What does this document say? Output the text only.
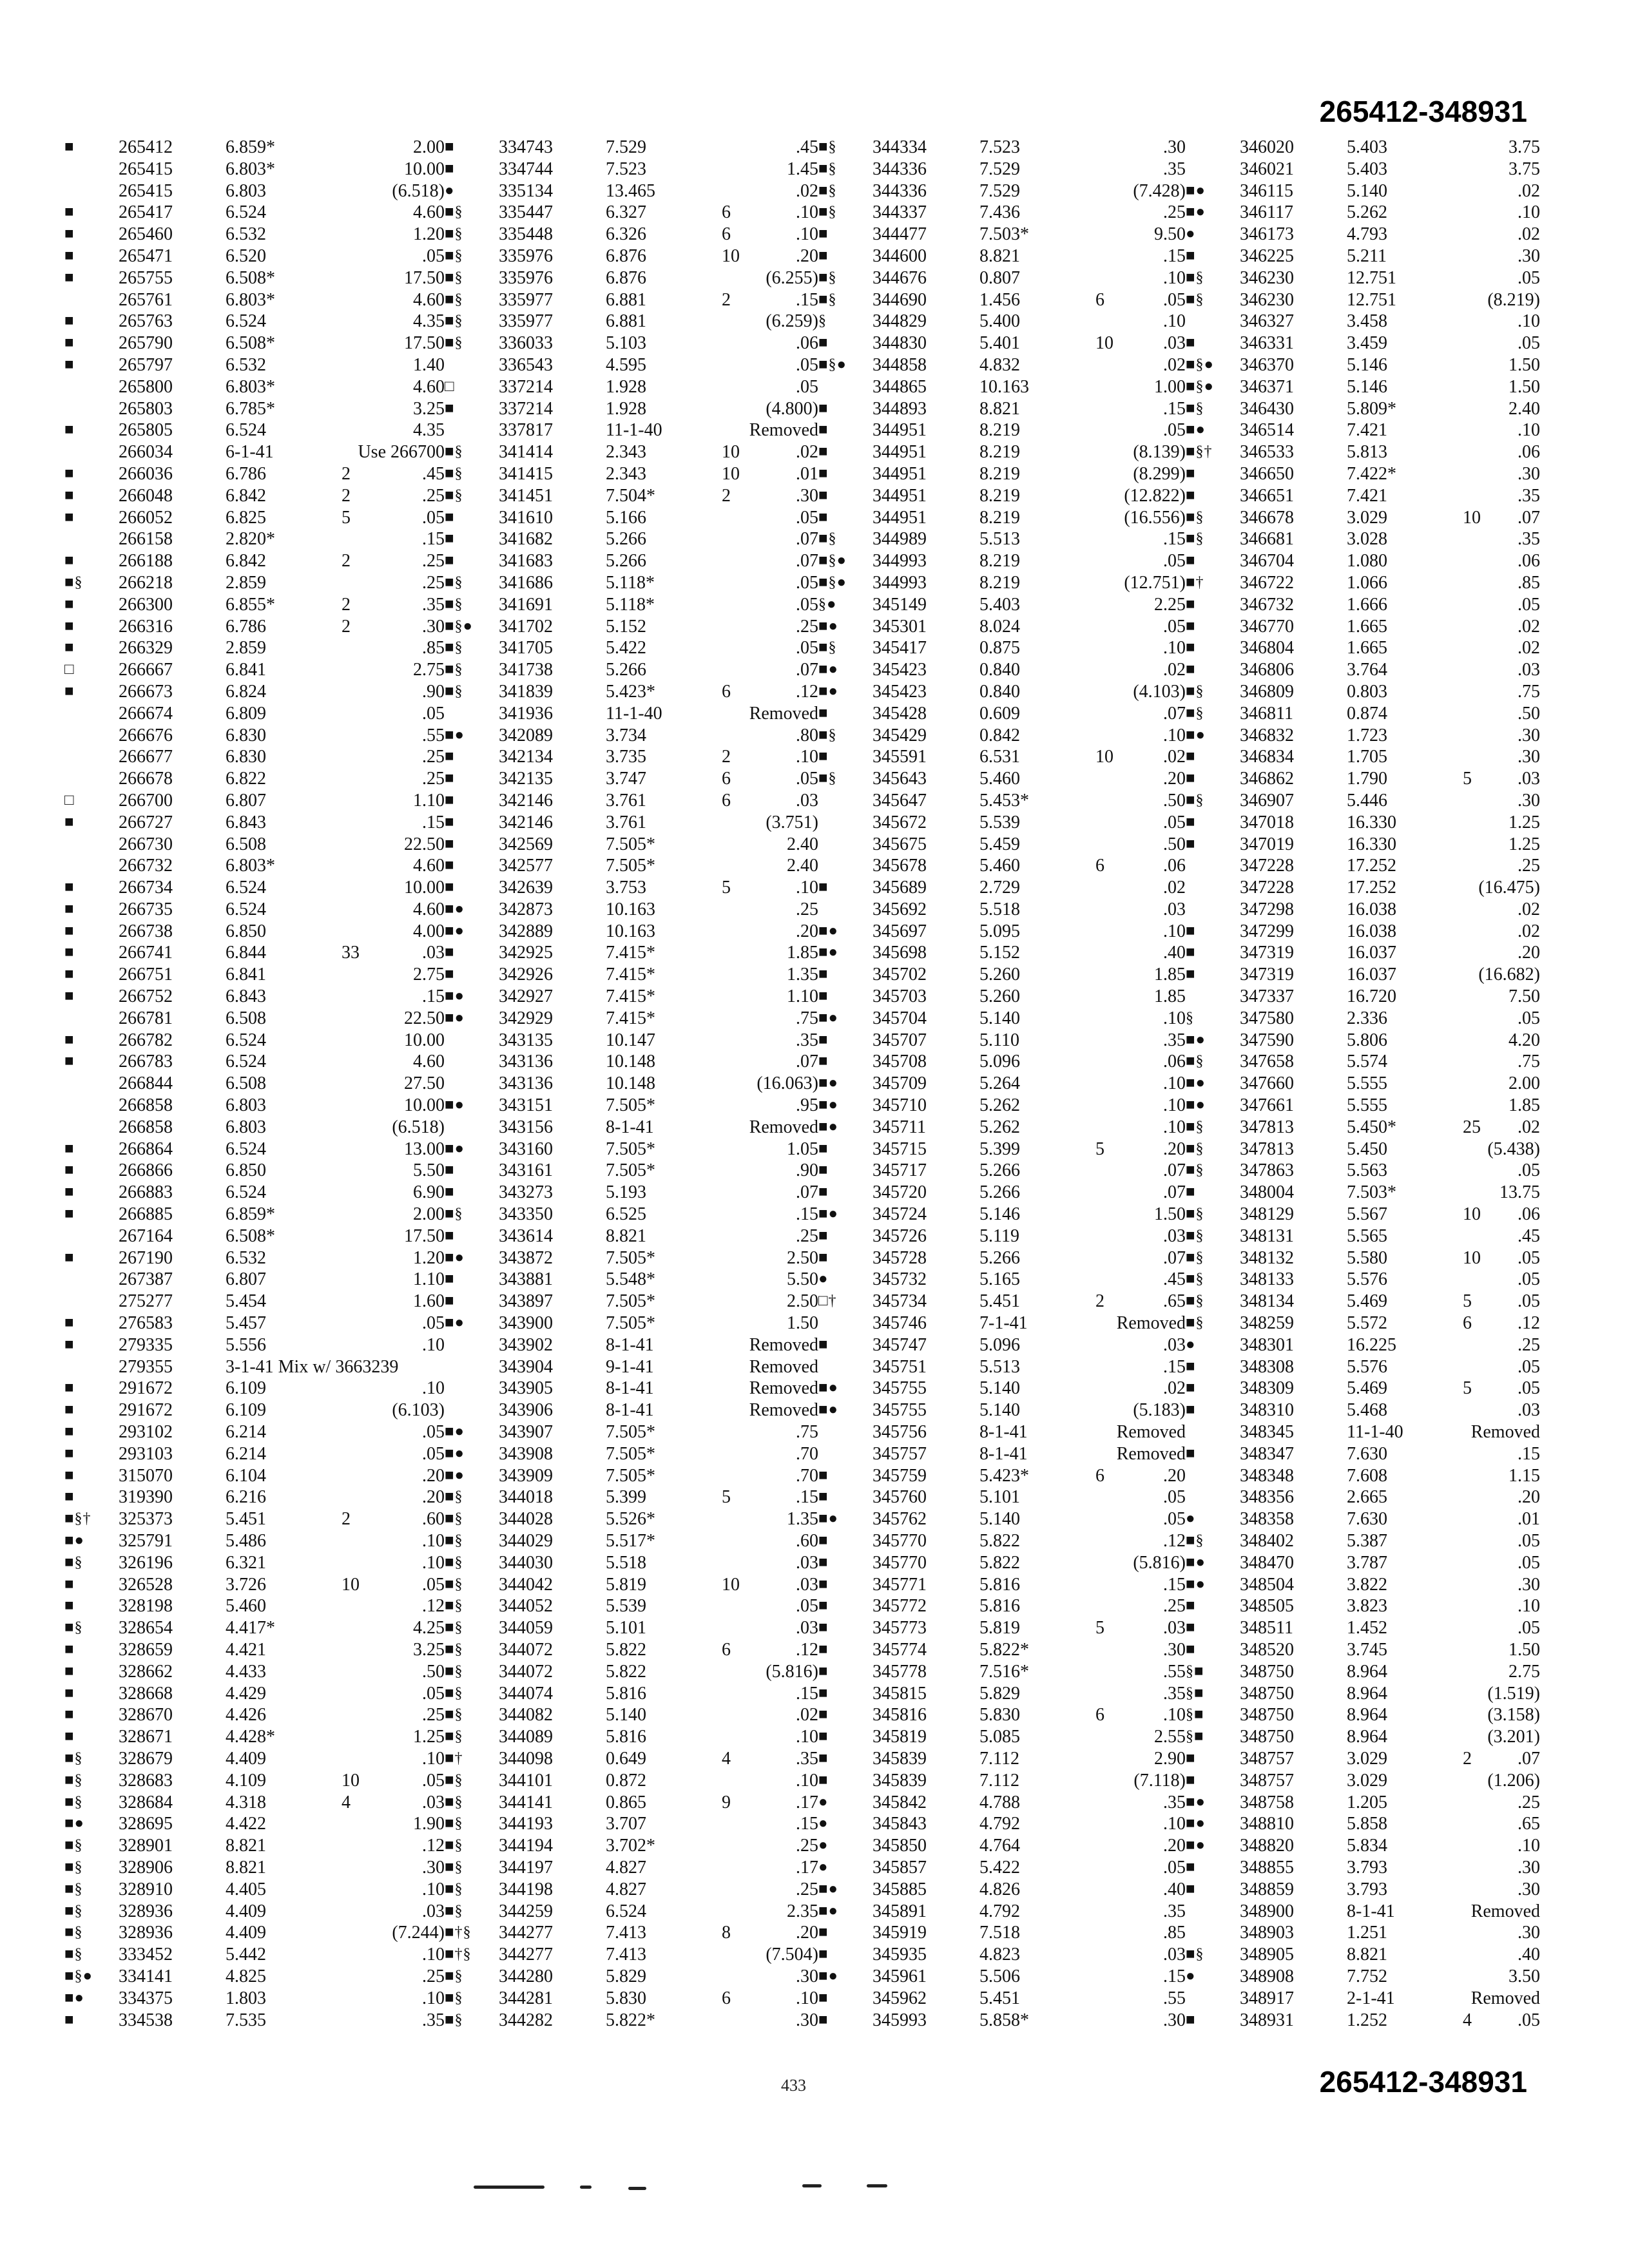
265412-348931
■	265412	6.859*	2.00
265415	6.803*	10.00
265415	6.803	(6.518)
■	265417	6.524	4.60
■	265460	6.532	1.20
■	265471	6.520	.05
■	265755	6.508*	17.50
265761	6.803*	4.60
■	265763	6.524	4.35
■	265790	6.508*	17.50
■	265797	6.532	1.40
265800	6.803*	4.60
265803	6.785*	3.25
■	265805	6.524	4.35
266034	6-1-41	Use 266700
■	266036	6.786	2	.45
■	266048	6.842	2	.25
■	266052	6.825	5	.05
266158	2.820*	.15
■	266188	6.842	2	.25
■§	266218	2.859	.25
■	266300	6.855*	2	.35
■	266316	6.786	2	.30
■	266329	2.859	.85
□	266667	6.841	2.75
■	266673	6.824	.90
266674	6.809	.05
266676	6.830	.55
266677	6.830	.25
266678	6.822	.25
□	266700	6.807	1.10
■	266727	6.843	.15
266730	6.508	22.50
266732	6.803*	4.60
■	266734	6.524	10.00
■	266735	6.524	4.60
■	266738	6.850	4.00
■	266741	6.844	33	.03
■	266751	6.841	2.75
■	266752	6.843	.15
266781	6.508	22.50
■	266782	6.524	10.00
■	266783	6.524	4.60
266844	6.508	27.50
266858	6.803	10.00
266858	6.803	(6.518)
■	266864	6.524	13.00
■	266866	6.850	5.50
■	266883	6.524	6.90
■	266885	6.859*	2.00
267164	6.508*	17.50
■	267190	6.532	1.20
267387	6.807	1.10
275277	5.454	1.60
■	276583	5.457	.05
■	279335	5.556	.10
279355	3-1-41 Mix w/ 3663239
■	291672	6.109	.10
■	291672	6.109	(6.103)
■	293102	6.214	.05
■	293103	6.214	.05
■	315070	6.104	.20
■	319390	6.216	.20
■§†	325373	5.451	2	.60
■●	325791	5.486	.10
■§	326196	6.321	.10
■	326528	3.726	10	.05
■	328198	5.460	.12
■§	328654	4.417*	4.25
■	328659	4.421	3.25
■	328662	4.433	.50
■	328668	4.429	.05
■	328670	4.426	.25
■	328671	4.428*	1.25
■§	328679	4.409	.10
■§	328683	4.109	10	.05
■§	328684	4.318	4	.03
■●	328695	4.422	1.90
■§	328901	8.821	.12
■§	328906	8.821	.30
■§	328910	4.405	.10
■§	328936	4.409	.03
■§	328936	4.409	(7.244)
■§	333452	5.442	.10
■§●	334141	4.825	.25
■●	334375	1.803	.10
■	334538	7.535	.35
■	334743	7.529	.45
■	334744	7.523	1.45
●	335134	13.465	.02
■§	335447	6.327	6	.10
■§	335448	6.326	6	.10
■§	335976	6.876	10	.20
■§	335976	6.876	(6.255)
■§	335977	6.881	2	.15
■§	335977	6.881	(6.259)
■§	336033	5.103	.06
336543	4.595	.05
□	337214	1.928	.05
■	337214	1.928	(4.800)
337817	11-1-40	Removed
■§	341414	2.343	10	.02
■§	341415	2.343	10	.01
■§	341451	7.504*	2	.30
■	341610	5.166	.05
■	341682	5.266	.07
■	341683	5.266	.07
■§	341686	5.118*	.05
■§	341691	5.118*	.05
■§●	341702	5.152	.25
■§	341705	5.422	.05
■§	341738	5.266	.07
■§	341839	5.423*	6	.12
341936	11-1-40	Removed
■●	342089	3.734	.80
■	342134	3.735	2	.10
■	342135	3.747	6	.05
■	342146	3.761	6	.03
■	342146	3.761	(3.751)
■	342569	7.505*	2.40
■	342577	7.505*	2.40
■	342639	3.753	5	.10
■●	342873	10.163	.25
■●	342889	10.163	.20
■	342925	7.415*	1.85
■	342926	7.415*	1.35
■●	342927	7.415*	1.10
■●	342929	7.415*	.75
343135	10.147	.35
343136	10.148	.07
343136	10.148	(16.063)
■●	343151	7.505*	.95
343156	8-1-41	Removed
■●	343160	7.505*	1.05
■	343161	7.505*	.90
■	343273	5.193	.07
■§	343350	6.525	.15
■	343614	8.821	.25
■●	343872	7.505*	2.50
■	343881	5.548*	5.50
■	343897	7.505*	2.50
■●	343900	7.505*	1.50
343902	8-1-41	Removed
343904	9-1-41	Removed
343905	8-1-41	Removed
343906	8-1-41	Removed
■●	343907	7.505*	.75
■●	343908	7.505*	.70
■●	343909	7.505*	.70
■§	344018	5.399	5	.15
■§	344028	5.526*	1.35
■§	344029	5.517*	.60
■§	344030	5.518	.03
■§	344042	5.819	10	.03
■§	344052	5.539	.05
■§	344059	5.101	.03
■§	344072	5.822	6	.12
■§	344072	5.822	(5.816)
■§	344074	5.816	.15
■§	344082	5.140	.02
■§	344089	5.816	.10
■†	344098	0.649	4	.35
■§	344101	0.872	.10
■§	344141	0.865	9	.17
■§	344193	3.707	.15
■§	344194	3.702*	.25
■§	344197	4.827	.17
■§	344198	4.827	.25
■§	344259	6.524	2.35
■†§	344277	7.413	8	.20
■†§	344277	7.413	(7.504)
■§	344280	5.829	.30
■§	344281	5.830	6	.10
■§	344282	5.822*	.30
■§	344334	7.523	.30
■§	344336	7.529	.35
■§	344336	7.529	(7.428)
■§	344337	7.436	.25
■	344477	7.503*	9.50
■	344600	8.821	.15
■§	344676	0.807	.10
■§	344690	1.456	6	.05
§	344829	5.400	.10
■	344830	5.401	10	.03
■§●	344858	4.832	.02
344865	10.163	1.00
■	344893	8.821	.15
■	344951	8.219	.05
■	344951	8.219	(8.139)
■	344951	8.219	(8.299)
■	344951	8.219	(12.822)
■	344951	8.219	(16.556)
■§	344989	5.513	.15
■§●	344993	8.219	.05
■§●	344993	8.219	(12.751)
§●	345149	5.403	2.25
■●	345301	8.024	.05
■§	345417	0.875	.10
■●	345423	0.840	.02
■●	345423	0.840	(4.103)
■	345428	0.609	.07
■§	345429	0.842	.10
■	345591	6.531	10	.02
■§	345643	5.460	.20
345647	5.453*	.50
345672	5.539	.05
345675	5.459	.50
345678	5.460	6	.06
■	345689	2.729	.02
345692	5.518	.03
■●	345697	5.095	.10
■●	345698	5.152	.40
■	345702	5.260	1.85
■	345703	5.260	1.85
■●	345704	5.140	.10
■	345707	5.110	.35
■	345708	5.096	.06
■●	345709	5.264	.10
■●	345710	5.262	.10
■●	345711	5.262	.10
■	345715	5.399	5	.20
■	345717	5.266	.07
■	345720	5.266	.07
■●	345724	5.146	1.50
■	345726	5.119	.03
■	345728	5.266	.07
●	345732	5.165	.45
□†	345734	5.451	2	.65
345746	7-1-41	Removed
■	345747	5.096	.03
345751	5.513	.15
■●	345755	5.140	.02
■●	345755	5.140	(5.183)
345756	8-1-41	Removed
345757	8-1-41	Removed
■	345759	5.423*	6	.20
■	345760	5.101	.05
■●	345762	5.140	.05
■	345770	5.822	.12
■	345770	5.822	(5.816)
■	345771	5.816	.15
■	345772	5.816	.25
■	345773	5.819	5	.03
■	345774	5.822*	.30
■	345778	7.516*	.55
■	345815	5.829	.35
■	345816	5.830	6	.10
■	345819	5.085	2.55
■	345839	7.112	2.90
■	345839	7.112	(7.118)
●	345842	4.788	.35
●	345843	4.792	.10
●	345850	4.764	.20
●	345857	5.422	.05
■●	345885	4.826	.40
■●	345891	4.792	.35
■	345919	7.518	.85
■	345935	4.823	.03
■●	345961	5.506	.15
■	345962	5.451	.55
■	345993	5.858*	.30
346020	5.403	3.75
346021	5.403	3.75
■●	346115	5.140	.02
■●	346117	5.262	.10
●	346173	4.793	.02
■	346225	5.211	.30
■§	346230	12.751	.05
■§	346230	12.751	(8.219)
346327	3.458	.10
■	346331	3.459	.05
■§●	346370	5.146	1.50
■§●	346371	5.146	1.50
■§	346430	5.809*	2.40
■●	346514	7.421	.10
■§†	346533	5.813	.06
■	346650	7.422*	.30
■	346651	7.421	.35
■§	346678	3.029	10 .07
■§	346681	3.028	.35
■	346704	1.080	.06
■†	346722	1.066	.85
■	346732	1.666	.05
■	346770	1.665	.02
■	346804	1.665	.02
■	346806	3.764	.03
■§	346809	0.803	.75
■§	346811	0.874	.50
■●	346832	1.723	.30
■	346834	1.705	.30
■	346862	1.790	5	.03
■§	346907	5.446	.30
■	347018	16.330	1.25
■	347019	16.330	1.25
347228	17.252	.25
347228	17.252	(16.475)
347298	16.038	.02
■	347299	16.038	.02
■	347319	16.037	.20
■	347319	16.037	(16.682)
347337	16.720	7.50
§	347580	2.336	.05
■●	347590	5.806	4.20
■§	347658	5.574	.75
■●	347660	5.555	2.00
■●	347661	5.555	1.85
■§	347813	5.450*	25 .02
■§	347813	5.450	(5.438)
■§	347863	5.563	.05
■	348004	7.503*	13.75
■§	348129	5.567	10 .06
■§	348131	5.565	.45
■§	348132	5.580	10 .05
■§	348133	5.576	.05
■§	348134	5.469	5	.05
■§	348259	5.572	6	.12
●	348301	16.225	.25
■	348308	5.576	.05
■	348309	5.469	5	.05
■	348310	5.468	.03
348345	11-1-40	Removed
■	348347	7.630	.15
348348	7.608	1.15
348356	2.665	.20
●	348358	7.630	.01
■§	348402	5.387	.05
■●	348470	3.787	.05
■●	348504	3.822	.30
■	348505	3.823	.10
■	348511	1.452	.05
■	348520	3.745	1.50
§■	348750	8.964	2.75
§■	348750	8.964	(1.519)
§■	348750	8.964	(3.158)
§■	348750	8.964	(3.201)
■	348757	3.029	2	.07
■	348757	3.029	(1.206)
■●	348758	1.205	.25
■●	348810	5.858	.65
■●	348820	5.834	.10
■	348855	3.793	.30
■	348859	3.793	.30
348900	8-1-41	Removed
348903	1.251	.30
■§	348905	8.821	.40
●	348908	7.752	3.50
348917	2-1-41	Removed
■	348931	1.252	4	.05
433	265412-348931
